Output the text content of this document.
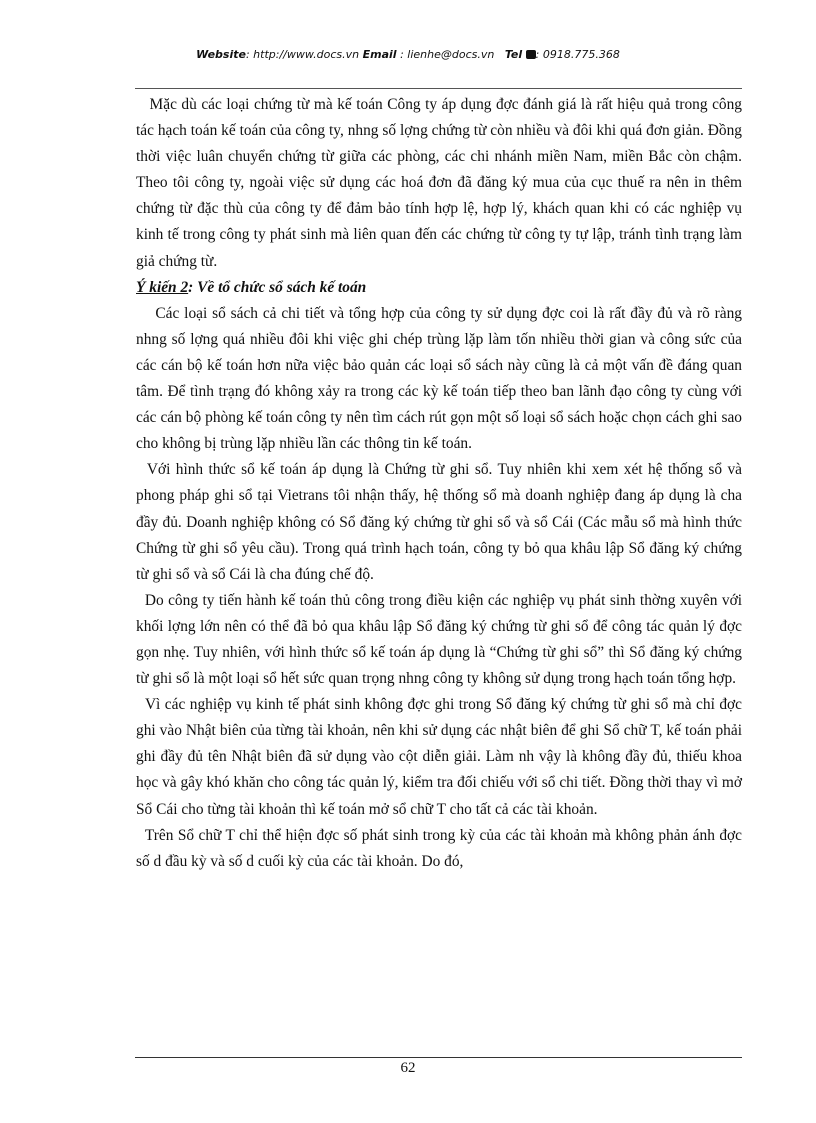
Website: http://www.docs.vn Email : lienhe@docs.vn Tel : 0918.775.368

Mặc dù các loại chứng từ mà kế toán Công ty áp dụng đợc đánh giá là rất hiệu quả trong công tác hạch toán kế toán của công ty, nhng số lợng chứng từ còn nhiều và đôi khi quá đơn giản. Đồng thời việc luân chuyển chứng từ giữa các phòng, các chi nhánh miền Nam, miền Bắc còn chậm. Theo tôi công ty, ngoài việc sử dụng các hoá đơn đã đăng ký mua của cục thuế ra nên in thêm chứng từ đặc thù của công ty để đảm bảo tính hợp lệ, hợp lý, khách quan khi có các nghiệp vụ kinh tế trong công ty phát sinh mà liên quan đến các chứng từ công ty tự lập, tránh tình trạng làm giả chứng từ.

Ý kiến 2: Về tổ chức sổ sách kế toán

Các loại sổ sách cả chi tiết và tổng hợp của công ty sử dụng đợc coi là rất đầy đủ và rõ ràng nhng số lợng quá nhiều đôi khi việc ghi chép trùng lặp làm tốn nhiều thời gian và công sức của các cán bộ kế toán hơn nữa việc bảo quản các loại sổ sách này cũng là cả một vấn đề đáng quan tâm. Để tình trạng đó không xảy ra trong các kỳ kế toán tiếp theo ban lãnh đạo công ty cùng với các cán bộ phòng kế toán công ty nên tìm cách rút gọn một số loại sổ sách hoặc chọn cách ghi sao cho không bị trùng lặp nhiều lần các thông tin kế toán.

Với hình thức sổ kế toán áp dụng là Chứng từ ghi sổ. Tuy nhiên khi xem xét hệ thống sổ và phong pháp ghi sổ tại Vietrans tôi nhận thấy, hệ thống sổ mà doanh nghiệp đang áp dụng là cha đầy đủ. Doanh nghiệp không có Sổ đăng ký chứng từ ghi sổ và sổ Cái (Các mẫu sổ mà hình thức Chứng từ ghi sổ yêu cầu). Trong quá trình hạch toán, công ty bỏ qua khâu lập Sổ đăng ký chứng từ ghi sổ và sổ Cái là cha đúng chế độ.

Do công ty tiến hành kế toán thủ công trong điều kiện các nghiệp vụ phát sinh thờng xuyên với khối lợng lớn nên có thể đã bỏ qua khâu lập Sổ đăng ký chứng từ ghi sổ để công tác quản lý đợc gọn nhẹ. Tuy nhiên, với hình thức sổ kế toán áp dụng là “Chứng từ ghi sổ” thì Sổ đăng ký chứng từ ghi sổ là một loại sổ hết sức quan trọng nhng công ty không sử dụng trong hạch toán tổng hợp.

Vì các nghiệp vụ kinh tế phát sinh không đợc ghi trong Sổ đăng ký chứng từ ghi sổ mà chỉ đợc ghi vào Nhật biên của từng tài khoản, nên khi sử dụng các nhật biên để ghi Sổ chữ T, kế toán phải ghi đầy đủ tên Nhật biên đã sử dụng vào cột diễn giải. Làm nh vậy là không đầy đủ, thiếu khoa học và gây khó khăn cho công tác quản lý, kiểm tra đối chiếu với sổ chi tiết. Đồng thời thay vì mở Sổ Cái cho từng tài khoản thì kế toán mở sổ chữ T cho tất cả các tài khoản.

Trên Sổ chữ T chỉ thể hiện đợc số phát sinh trong kỳ của các tài khoản mà không phản ánh đợc số d đầu kỳ và số d cuối kỳ của các tài khoản. Do đó,

62
